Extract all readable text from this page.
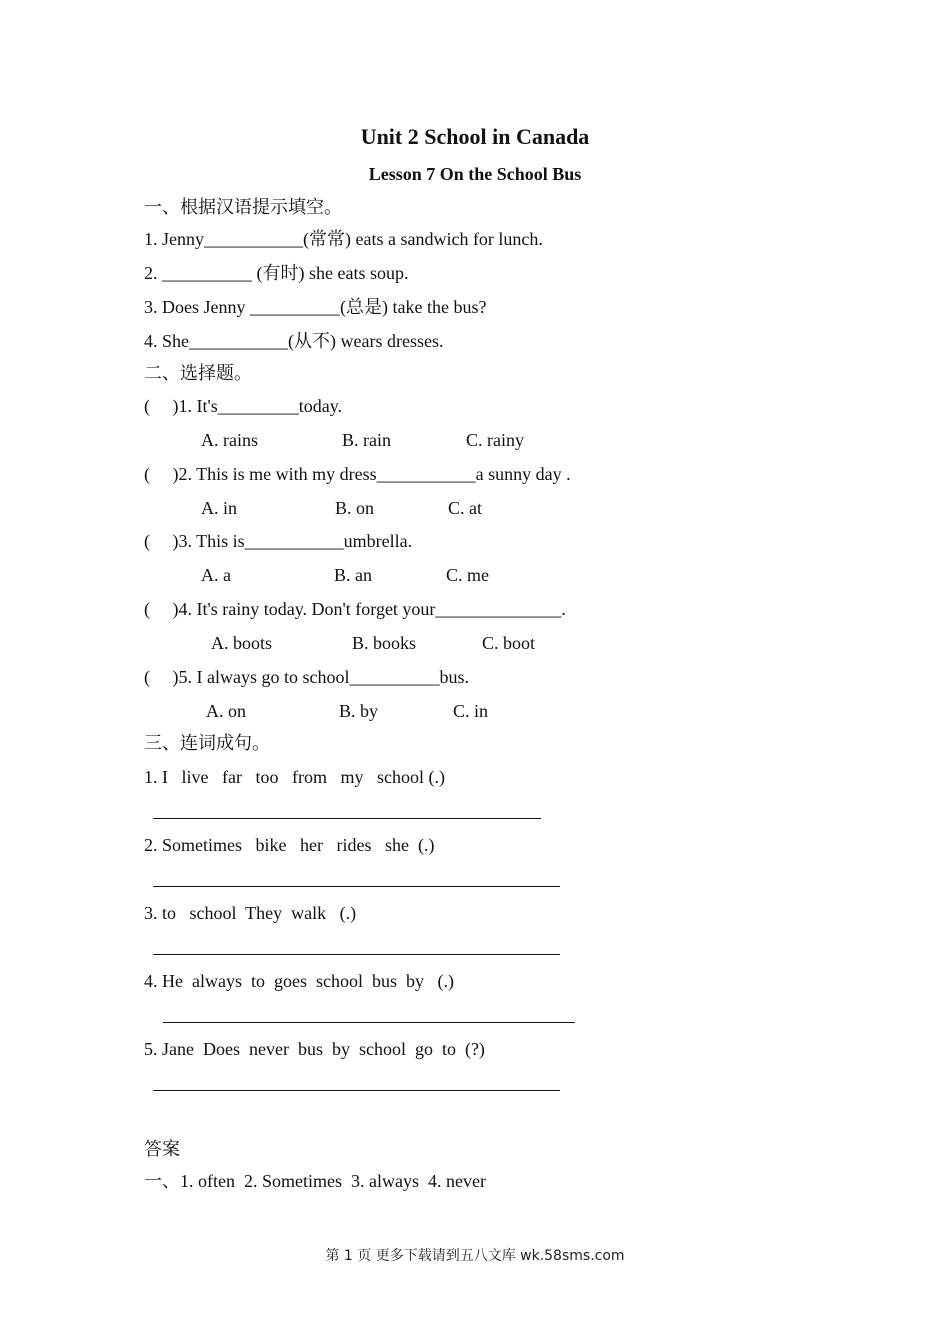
Unit 2 School in Canada
Lesson 7 On the School Bus
一、根据汉语提示填空。
1. Jenny___________(常常) eats a sandwich for lunch.
2. __________ (有时) she eats soup.
3. Does Jenny __________(总是) take the bus?
4. She___________(从不) wears dresses.
二、选择题。
(     )1. It's_________today.
A. rains	B. rain	C. rainy
(     )2. This is me with my dress___________a sunny day .
A. in	B. on	C. at
(     )3. This is___________umbrella.
A. a	B. an	C. me
(     )4. It's rainy today. Don't forget your______________.
A. boots	B. books	C. boot
(     )5. I always go to school__________bus.
A. on	B. by	C. in
三、连词成句。
1. I   live   far   too   from   my   school (.)
2. Sometimes   bike   her   rides   she  (.)
3. to   school  They  walk   (.)
4. He  always  to  goes  school  bus  by   (.)
5. Jane  Does  never  bus  by  school  go  to  (?)
答案
一、1. often  2. Sometimes  3. always  4. never
第 1 页 更多下载请到五八文库 wk.58sms.com
